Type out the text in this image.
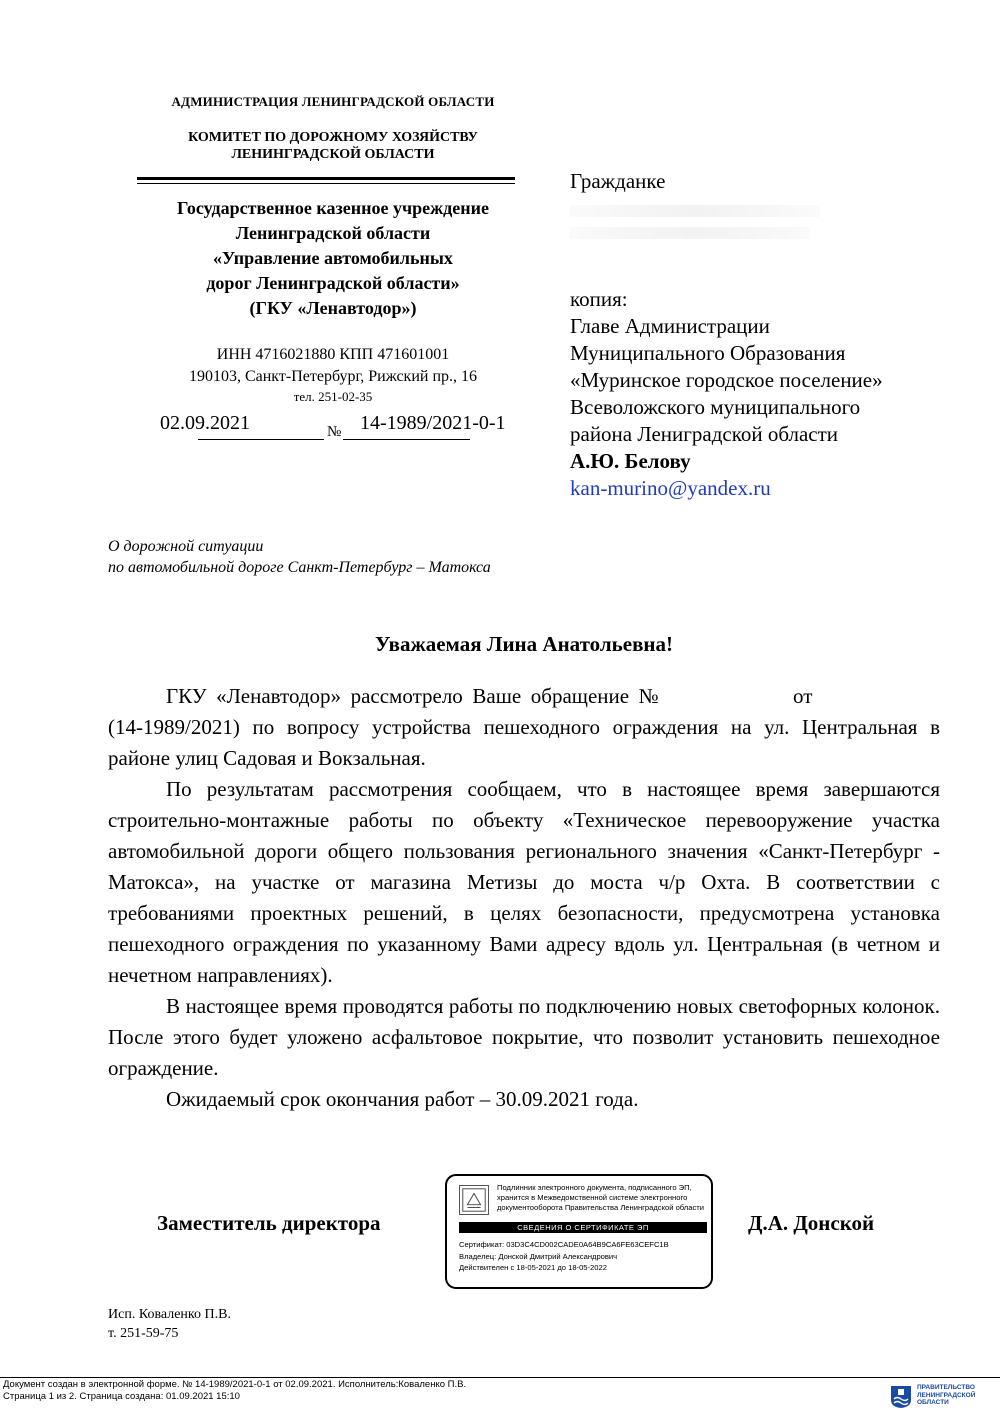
АДМИНИСТРАЦИЯ ЛЕНИНГРАДСКОЙ ОБЛАСТИ
КОМИТЕТ ПО ДОРОЖНОМУ ХОЗЯЙСТВУ
ЛЕНИНГРАДСКОЙ ОБЛАСТИ
Государственное казенное учреждение
Ленинградской области
«Управление автомобильных
дорог Ленинградской области»
(ГКУ «Ленавтодор»)
ИНН 4716021880 КПП 471601001
190103, Санкт-Петербург, Рижский пр., 16
тел. 251-02-35
02.09.2021	№ 14-1989/2021-0-1
Гражданке
копия:
Главе Администрации
Муниципального Образования
«Муринское городское поселение»
Всеволожского муниципального
района Лениградской области
А.Ю. Белову
kan-murino@yandex.ru
О дорожной ситуации
по автомобильной дороге Санкт-Петербург – Матокса
Уважаемая Лина Анатольевна!

ГКУ «Ленавтодор» рассмотрело Ваше обращение №	от  (14-1989/2021) по вопросу устройства пешеходного ограждения на ул. Центральная в районе улиц Садовая и Вокзальная.

По результатам рассмотрения сообщаем, что в настоящее время завершаются строительно-монтажные работы по объекту «Техническое перевооружение участка автомобильной дороги общего пользования регионального значения «Санкт-Петербург - Матокса», на участке от магазина Метизы до моста ч/р Охта. В соответствии с требованиями проектных решений, в целях безопасности, предусмотрена установка пешеходного ограждения по указанному Вами адресу вдоль ул. Центральная (в четном и нечетном направлениях).

В настоящее время проводятся работы по подключению новых светофорных колонок. После этого будет уложено асфальтовое покрытие, что позволит установить пешеходное ограждение.

Ожидаемый срок окончания работ – 30.09.2021 года.

Заместитель директора
Подлинник электронного документа, подписанного ЭП, хранится в Межведомственной системе электронного документооборота Правительства Ленинградской области
СВЕДЕНИЯ О СЕРТИФИКАТЕ ЭП
Сертификат: 03D3C4CD002CADE0A64B9CA6FE63CEFC1B
Владелец: Донской Дмитрий Александрович
Действителен с 18-05-2021 до 18-05-2022
Д.А. Донской
Исп. Коваленко П.В.
т. 251-59-75
Документ создан в электронной форме. № 14-1989/2021-0-1 от 02.09.2021. Исполнитель:Коваленко П.В.
Страница 1 из 2. Страница создана: 01.09.2021 15:10
ПРАВИТЕЛЬСТВО
ЛЕНИНГРАДСКОЙ
ОБЛАСТИ
